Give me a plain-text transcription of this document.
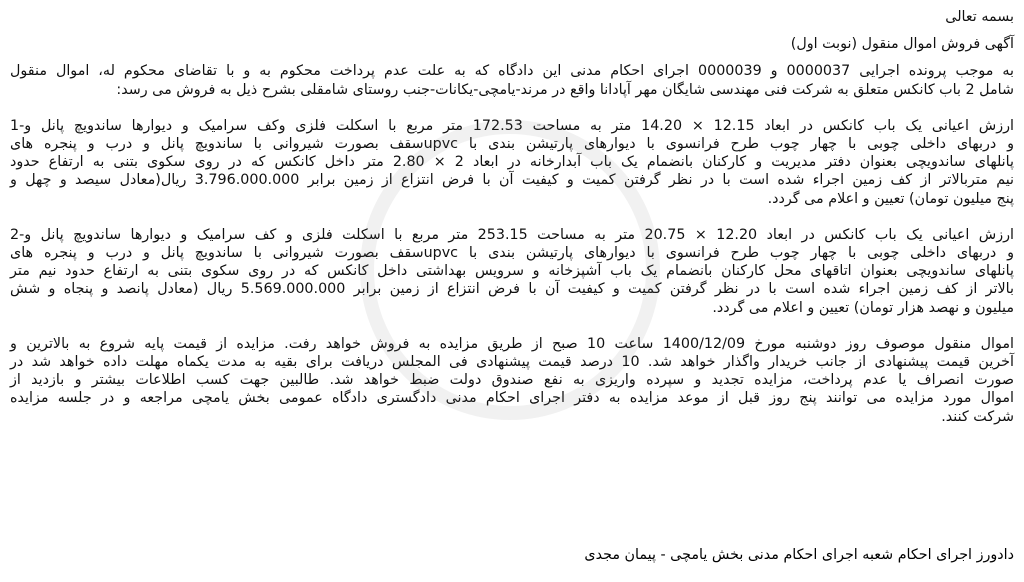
بسمه تعالی
آگهی فروش اموال منقول (نوبت اول)
به موجب پرونده اجرایی 0000037 و 0000039 اجرای احکام مدنی این دادگاه که به علت عدم پرداخت محکوم به و با تقاضای محکوم له، اموال منقول
شامل 2 باب کانکس متعلق به شرکت فنی مهندسی شایگان مهر آپادانا واقع در مرند-یامچی-یکانات-جنب روستای شامقلی بشرح ذیل به فروش می رسد:
ارزش اعیانی یک باب کانکس در ابعاد 12.15 × 14.20 متر به مساحت 172.53 متر مربع با اسکلت فلزی وکف سرامیک و دیوارها ساندویچ پانل و-1
و دربهای داخلی چوبی با چهار چوب طرح فرانسوی با دیوارهای پارتیشن بندی با upvcسقف بصورت شیروانی با ساندویچ پانل و درب و پنجره های
پانلهای ساندویچی بعنوان دفتر مدیریت و کارکنان بانضمام یک باب آبدارخانه در ابعاد 2 × 2.80 متر داخل کانکس که در روی سکوی بتنی به ارتفاع حدود
نیم متربالاتر از کف زمین اجراء شده است با در نظر گرفتن کمیت و کیفیت آن با فرض انتزاع از زمین برابر 3.796.000.000 ریال(معادل سیصد و چهل و
پنج میلیون تومان) تعیین و اعلام می گردد.
ارزش اعیانی یک باب کانکس در ابعاد 12.20 × 20.75 متر به مساحت 253.15 متر مربع با اسکلت فلزی و کف سرامیک و دیوارها ساندویچ پانل و-2
و دربهای داخلی چوبی با چهار چوب طرح فرانسوی با دیوارهای پارتیشن بندی با upvcسقف بصورت شیروانی با ساندویچ پانل و درب و پنجره های
پانلهای ساندویچی بعنوان اتاقهای محل کارکنان بانضمام یک باب آشپزخانه و سرویس بهداشتی داخل کانکس که در روی سکوی بتنی به ارتفاع حدود نیم متر
بالاتر از کف زمین اجراء شده است با در نظر گرفتن کمیت و کیفیت آن با فرض انتزاع از زمین برابر 5.569.000.000 ریال (معادل پانصد و پنجاه و شش
میلیون و نهصد هزار تومان) تعیین و اعلام می گردد.
اموال منقول موصوف روز دوشنبه مورخ 1400/12/09 ساعت 10 صبح از طریق مزایده به فروش خواهد رفت. مزایده از قیمت پایه شروع به بالاترین و
آخرین قیمت پیشنهادی از جانب خریدار واگذار خواهد شد. 10 درصد قیمت پیشنهادی فی المجلس دریافت برای بقیه به مدت یکماه مهلت داده خواهد شد در
صورت انصراف یا عدم پرداخت، مزایده تجدید و سپرده واریزی به نفع صندوق دولت ضبط خواهد شد. طالبین جهت کسب اطلاعات بیشتر و بازدید از
اموال مورد مزایده می توانند پنج روز قبل از موعد مزایده به دفتر اجرای احکام مدنی دادگستری دادگاه عمومی بخش یامچی مراجعه و در جلسه مزایده
شرکت کنند.
دادورز اجرای احکام شعبه اجرای احکام مدنی بخش یامچی - پیمان مجدی
